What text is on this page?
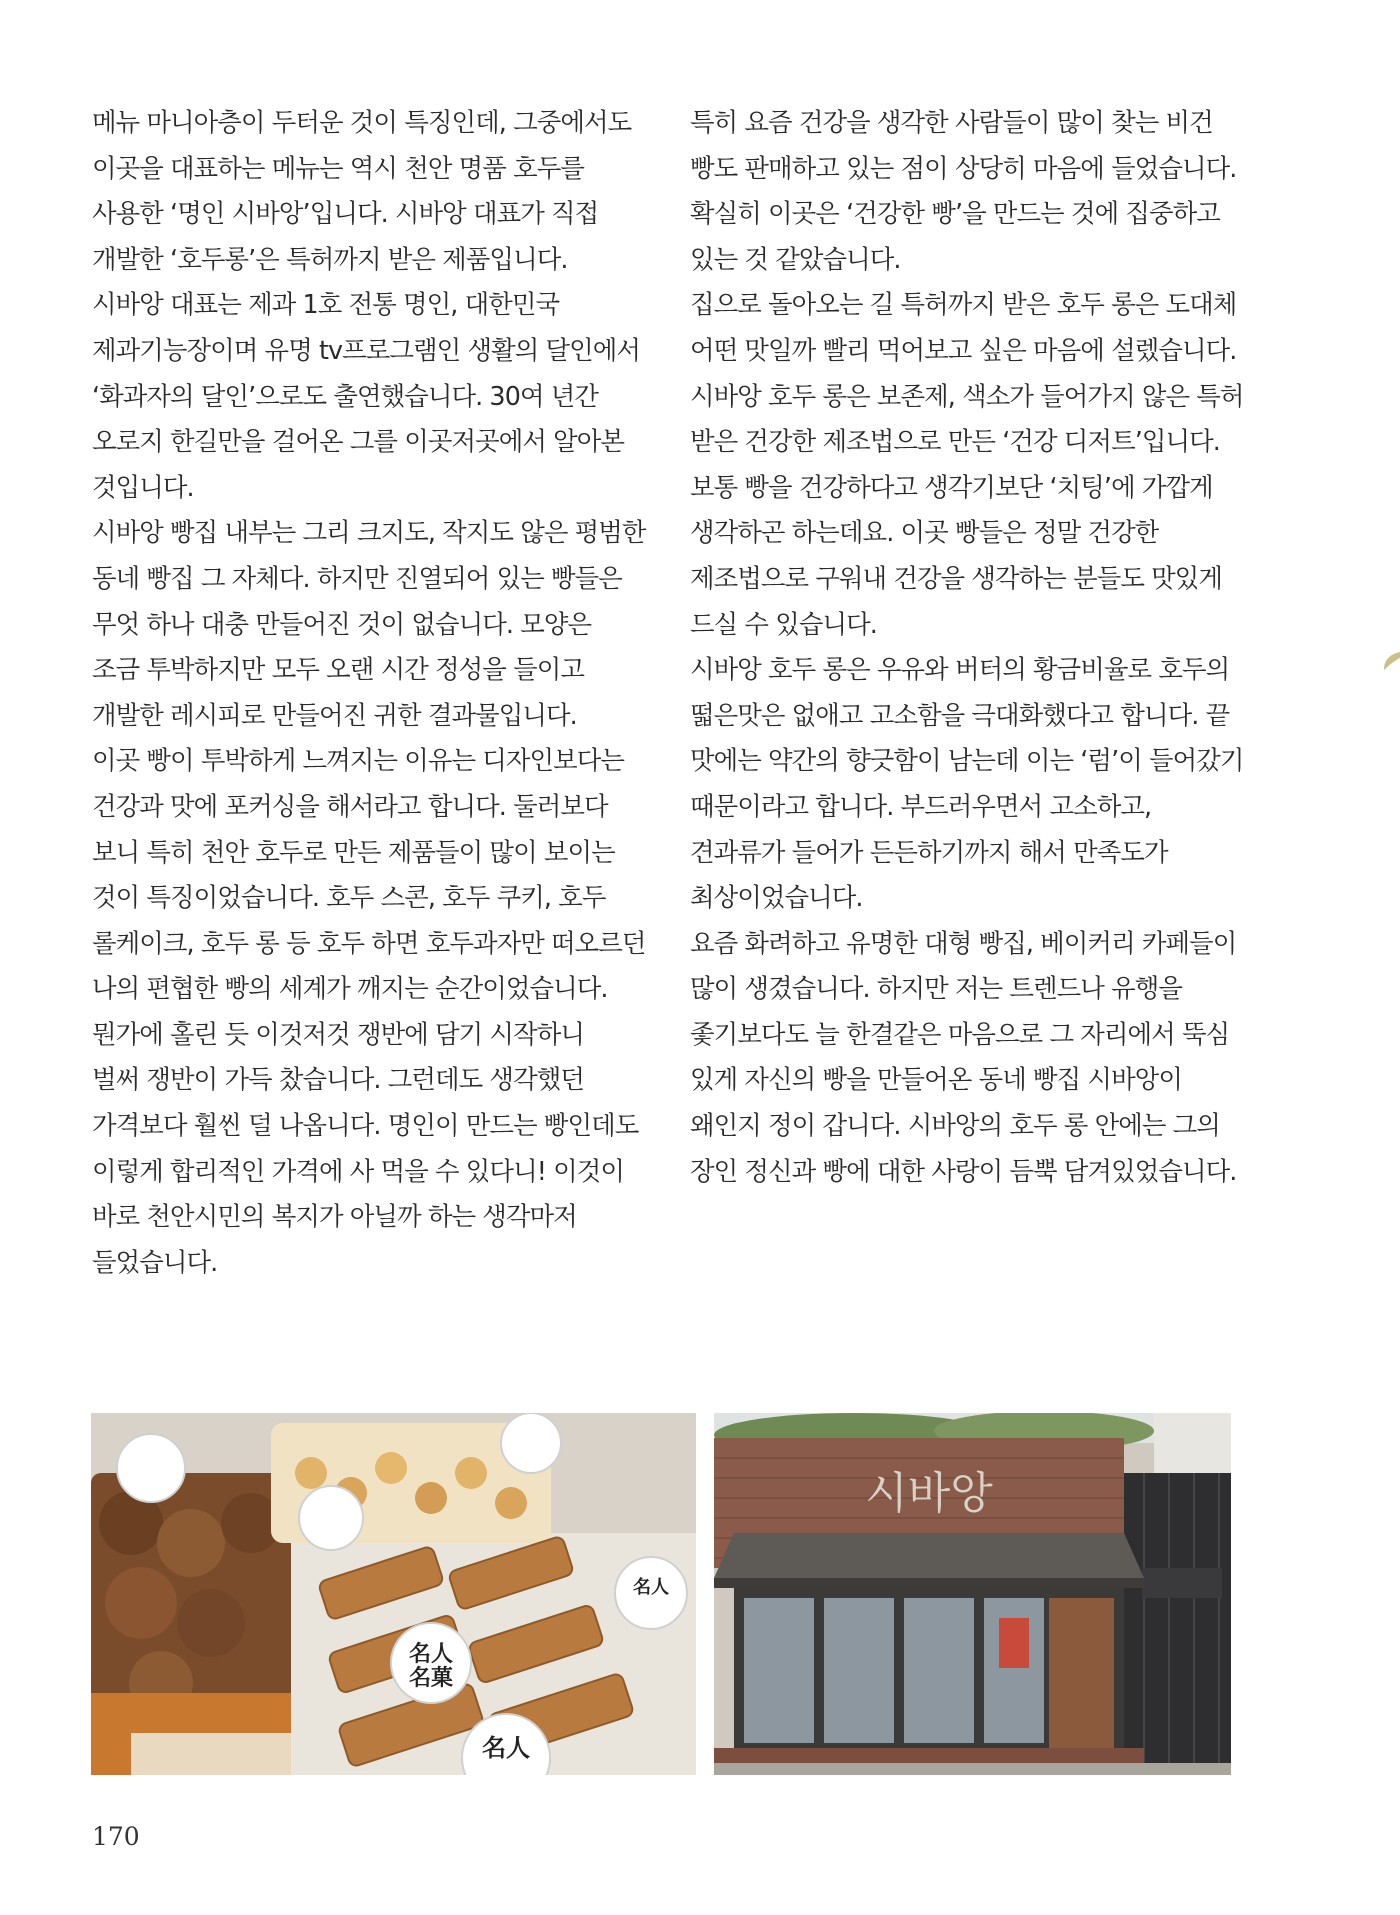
메뉴 마니아층이 두터운 것이 특징인데, 그중에서도
이곳을 대표하는 메뉴는 역시 천안 명품 호두를
사용한 ‘명인 시바앙’입니다. 시바앙 대표가 직접
개발한 ‘호두롱’은 특허까지 받은 제품입니다.
시바앙 대표는 제과 1호 전통 명인, 대한민국
제과기능장이며 유명 tv프로그램인 생활의 달인에서
‘화과자의 달인’으로도 출연했습니다. 30여 년간
오로지 한길만을 걸어온 그를 이곳저곳에서 알아본
것입니다.
시바앙 빵집 내부는 그리 크지도, 작지도 않은 평범한
동네 빵집 그 자체다. 하지만 진열되어 있는 빵들은
무엇 하나 대충 만들어진 것이 없습니다. 모양은
조금 투박하지만 모두 오랜 시간 정성을 들이고
개발한 레시피로 만들어진 귀한 결과물입니다.
이곳 빵이 투박하게 느껴지는 이유는 디자인보다는
건강과 맛에 포커싱을 해서라고 합니다. 둘러보다
보니 특히 천안 호두로 만든 제품들이 많이 보이는
것이 특징이었습니다. 호두 스콘, 호두 쿠키, 호두
롤케이크, 호두 롱 등 호두 하면 호두과자만 떠오르던
나의 편협한 빵의 세계가 깨지는 순간이었습니다.
뭔가에 홀린 듯 이것저것 쟁반에 담기 시작하니
벌써 쟁반이 가득 찼습니다. 그런데도 생각했던
가격보다 훨씬 덜 나옵니다. 명인이 만드는 빵인데도
이렇게 합리적인 가격에 사 먹을 수 있다니! 이것이
바로 천안시민의 복지가 아닐까 하는 생각마저
들었습니다.
특히 요즘 건강을 생각한 사람들이 많이 찾는 비건
빵도 판매하고 있는 점이 상당히 마음에 들었습니다.
확실히 이곳은 ‘건강한 빵’을 만드는 것에 집중하고
있는 것 같았습니다.
집으로 돌아오는 길 특허까지 받은 호두 롱은 도대체
어떤 맛일까 빨리 먹어보고 싶은 마음에 설렜습니다.
시바앙 호두 롱은 보존제, 색소가 들어가지 않은 특허
받은 건강한 제조법으로 만든 ‘건강 디저트’입니다.
보통 빵을 건강하다고 생각기보단 ‘치팅’에 가깝게
생각하곤 하는데요. 이곳 빵들은 정말 건강한
제조법으로 구워내 건강을 생각하는 분들도 맛있게
드실 수 있습니다.
시바앙 호두 롱은 우유와 버터의 황금비율로 호두의
떫은맛은 없애고 고소함을 극대화했다고 합니다. 끝
맛에는 약간의 향긋함이 남는데 이는 ‘럼’이 들어갔기
때문이라고 합니다. 부드러우면서 고소하고,
견과류가 들어가 든든하기까지 해서 만족도가
최상이었습니다.
요즘 화려하고 유명한 대형 빵집, 베이커리 카페들이
많이 생겼습니다. 하지만 저는 트렌드나 유행을
좇기보다도 늘 한결같은 마음으로 그 자리에서 뚝심
있게 자신의 빵을 만들어온 동네 빵집 시바앙이
왜인지 정이 갑니다. 시바앙의 호두 롱 안에는 그의
장인 정신과 빵에 대한 사랑이 듬뿍 담겨있었습니다.
名人
名菓
名人
名人
시바앙
170
